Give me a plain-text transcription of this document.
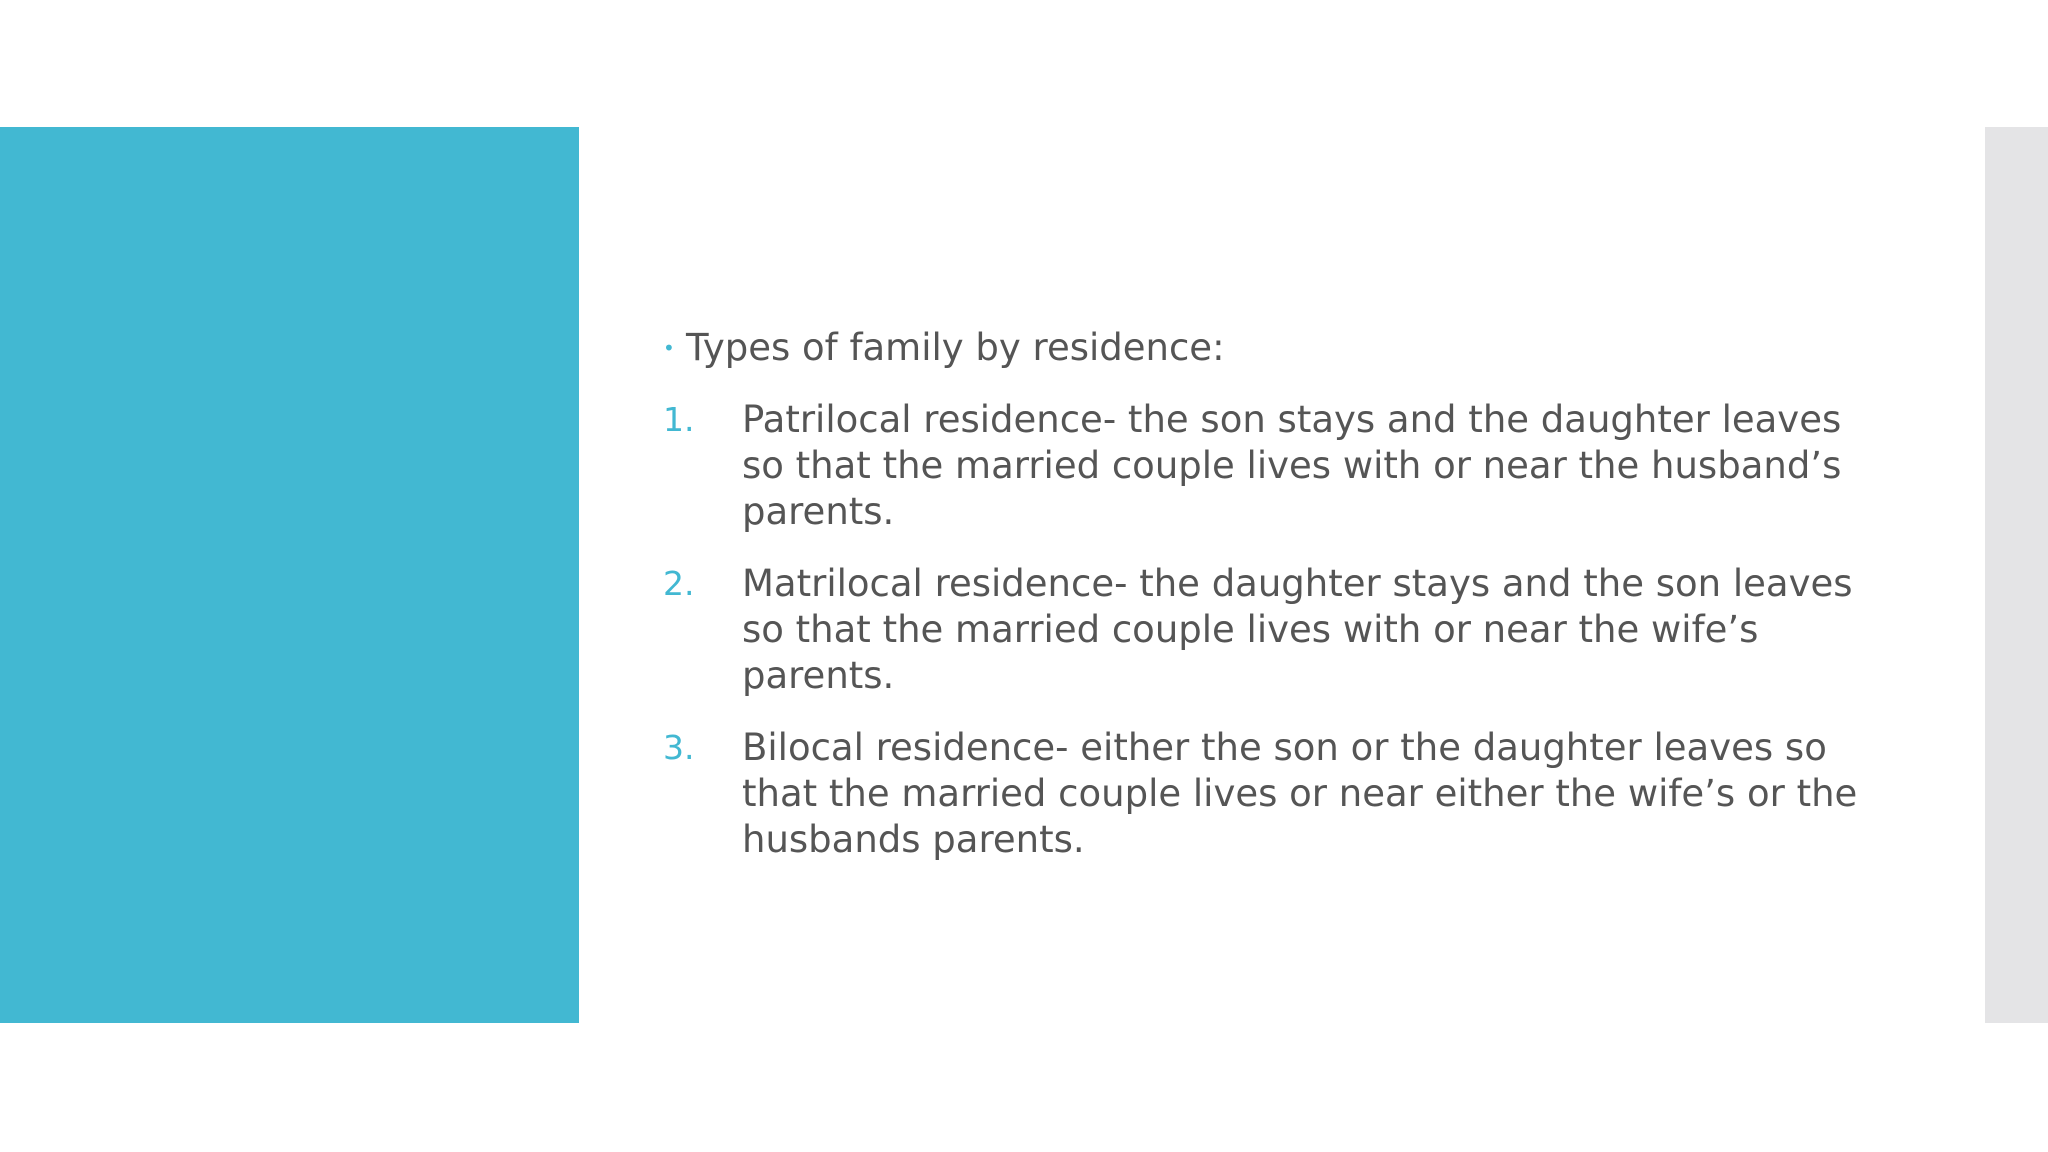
• Types of family by residence:
1.	Patrilocal residence- the son stays and the daughter leaves so that the married couple lives with or near the husband’s parents.
2.	Matrilocal residence- the daughter stays and the son leaves so that the married couple lives with or near the wife’s parents.
3.	Bilocal residence- either the son or the daughter leaves so that the married couple lives or near either the wife’s or the husbands parents.
